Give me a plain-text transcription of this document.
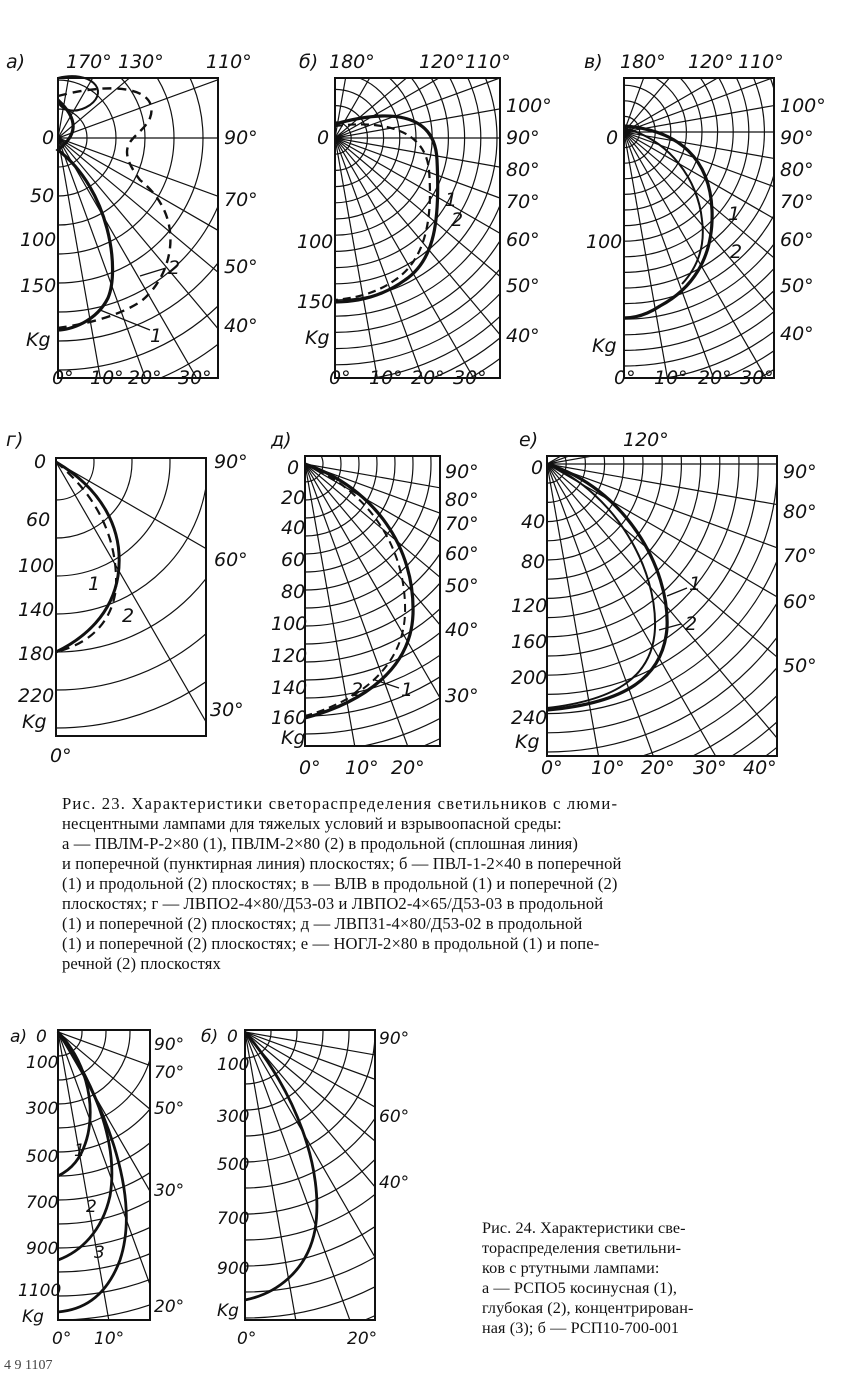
a) 170° 130° 110°
90°
70°
50°
40°
0
50
100
150
Kg
0° 10° 20° 30°
1
2
б) 180° 120° 110°
100°
90°
80°
70°
60°
50°
40°
0
100
150
Kg
0° 10° 20° 30°
1
2
в) 180° 120° 110°
100°
90°
80°
70°
60°
50°
40°
0
100
Kg
0° 10° 20° 30°
1
2
г)
90°
60°
30°
0
60
100
140
180
220
Kg
0°
1
2
д)
90°
80°
70°
60°
50°
40°
30°
0
20
40
60
80
100
120
140
160
Kg
0° 10° 20°
2 1
е)	120°
90°
80°
70°
60°
50°
0
40
80
120
160
200
240
Kg
0° 10° 20° 30° 40°
1
2
Рис. 23. Характеристики светораспределения светильников с люми-
несцентными лампами для тяжелых условий и взрывоопасной среды:
а — ПВЛМ-Р-2×80 (1), ПВЛМ-2×80 (2) в продольной (сплошная линия)
и поперечной (пунктирная линия) плоскостях; б — ПВЛ-1-2×40 в поперечной
(1) и продольной (2) плоскостях; в — ВЛВ в продольной (1) и поперечной (2)
плоскостях; г — ЛВПО2-4×80/Д53-03 и ЛВПО2-4×65/Д53-03 в продольной
(1) и поперечной (2) плоскостях; д — ЛВП31-4×80/Д53-02 в продольной
(1) и поперечной (2) плоскостях; е — НОГЛ-2×80 в продольной (1) и попе-
речной (2) плоскостях
а) 0
100
300
500
700
900
1100
Kg
90°
70°
50°
30°
20°
0° 10°
1
2
3
б) 0
100
300
500
700
900
Kg
90°
60°
40°
0°	20°
Рис. 24. Характеристики све-
тораспределения светильни-
ков с ртутными лампами:
а — РСПО5 косинусная (1),
глубокая (2), концентрирован-
ная (3); б — РСП10-700-001
4 9 1107
